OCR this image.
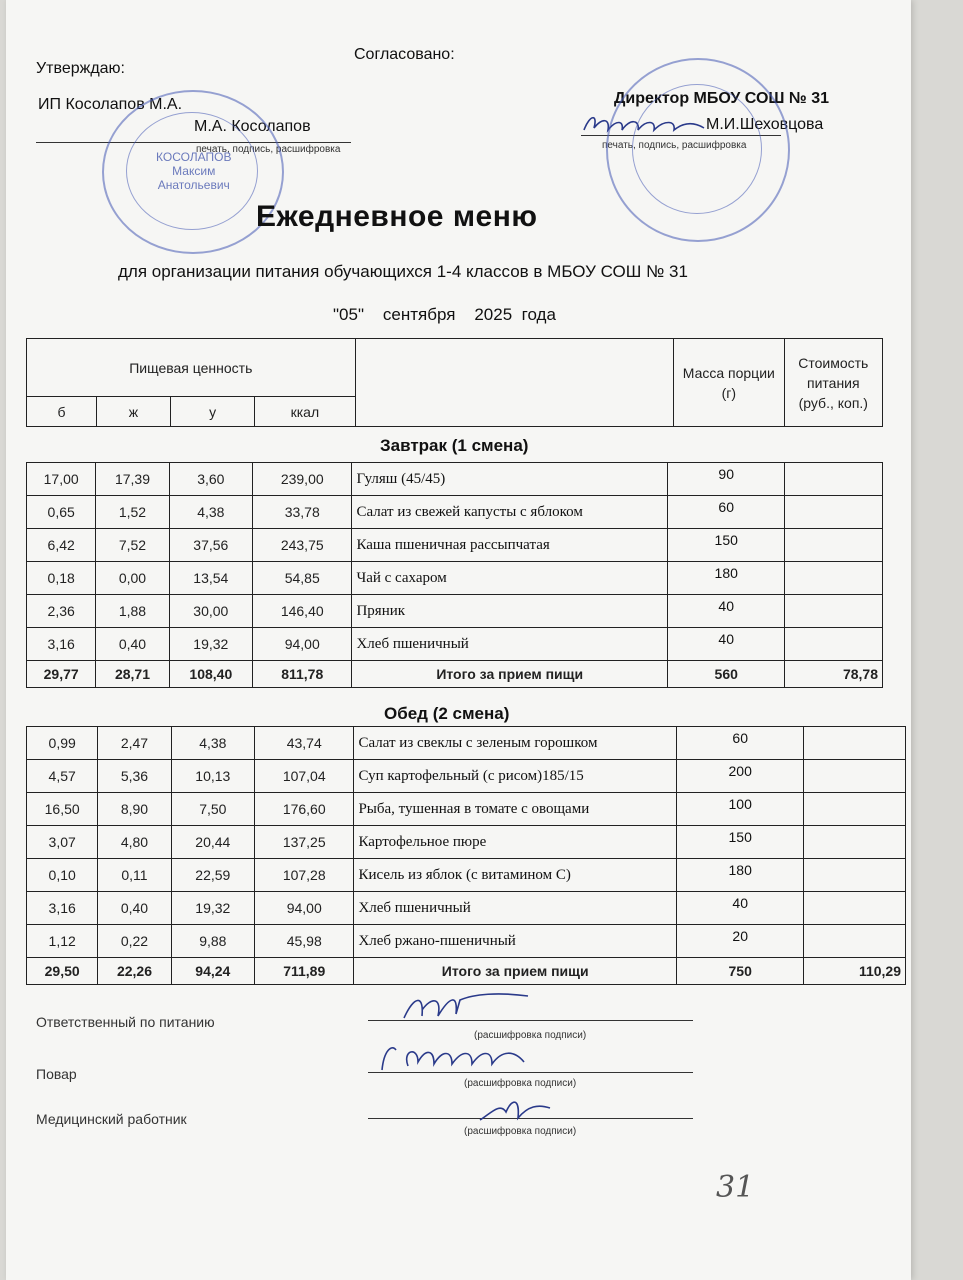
Утверждаю:
Согласовано:
ИП Косолапов М.А.
М.А. Косолапов
печать, подпись, расшифровка
Директор МБОУ СОШ № 31
М.И.Шеховцова
печать, подпись, расшифровка
КОСОЛАПОВ
Максим
Анатольевич
Ежедневное меню
для организации питания обучающихся 1-4 классов в МБОУ СОШ № 31
"05" сентября 2025 года
Пищевая ценность					Масса порции (г)	Стоимость питания (руб., коп.)
б	ж	у	ккал			
Завтрак (1 смена)
17,00	17,39	3,60	239,00	Гуляш (45/45)	90	
0,65	1,52	4,38	33,78	Салат из свежей капусты с яблоком	60	
6,42	7,52	37,56	243,75	Каша пшеничная рассыпчатая	150	
0,18	0,00	13,54	54,85	Чай с сахаром	180	
2,36	1,88	30,00	146,40	Пряник	40	
3,16	0,40	19,32	94,00	Хлеб пшеничный	40	
29,77	28,71	108,40	811,78	Итого за прием пищи	560	78,78
Обед (2 смена)
0,99	2,47	4,38	43,74	Салат из свеклы с зеленым горошком	60	
4,57	5,36	10,13	107,04	Суп картофельный (с рисом)185/15	200	
16,50	8,90	7,50	176,60	Рыба, тушенная в томате с овощами	100	
3,07	4,80	20,44	137,25	Картофельное пюре	150	
0,10	0,11	22,59	107,28	Кисель из яблок (с витамином С)	180	
3,16	0,40	19,32	94,00	Хлеб пшеничный	40	
1,12	0,22	9,88	45,98	Хлеб ржано-пшеничный	20	
29,50	22,26	94,24	711,89	Итого за прием пищи	750	110,29
Ответственный по питанию
(расшифровка подписи)
Повар
(расшифровка подписи)
Медицинский работник
(расшифровка подписи)
31
